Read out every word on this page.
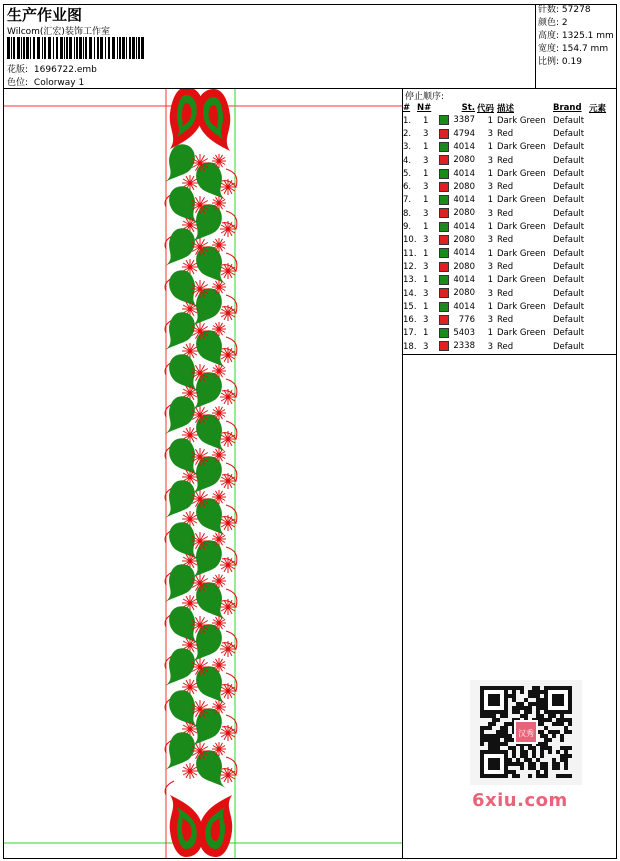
生产作业图
Wilcom(汇宏)装饰工作室
花版: 1696722.emb
色位: Colorway 1
针数: 57278
颜色: 2
高度: 1325.1 mm
宽度: 154.7 mm
比例: 0.19
停止顺序:
#	N#	St.	代码	描述	Brand	元素
1.	1	3387	1	Dark Green	Default	
2.	3	4794	3	Red	Default	
3.	1	4014	1	Dark Green	Default	
4.	3	2080	3	Red	Default	
5.	1	4014	1	Dark Green	Default	
6.	3	2080	3	Red	Default	
7.	1	4014	1	Dark Green	Default	
8.	3	2080	3	Red	Default	
9.	1	4014	1	Dark Green	Default	
10.	3	2080	3	Red	Default	
11.	1	4014	1	Dark Green	Default	
12.	3	2080	3	Red	Default	
13.	1	4014	1	Dark Green	Default	
14.	3	2080	3	Red	Default	
15.	1	4014	1	Dark Green	Default	
16.	3	776	3	Red	Default	
17.	1	5403	1	Dark Green	Default	
18.	3	2338	3	Red	Default	
汉秀
6xiu.com
